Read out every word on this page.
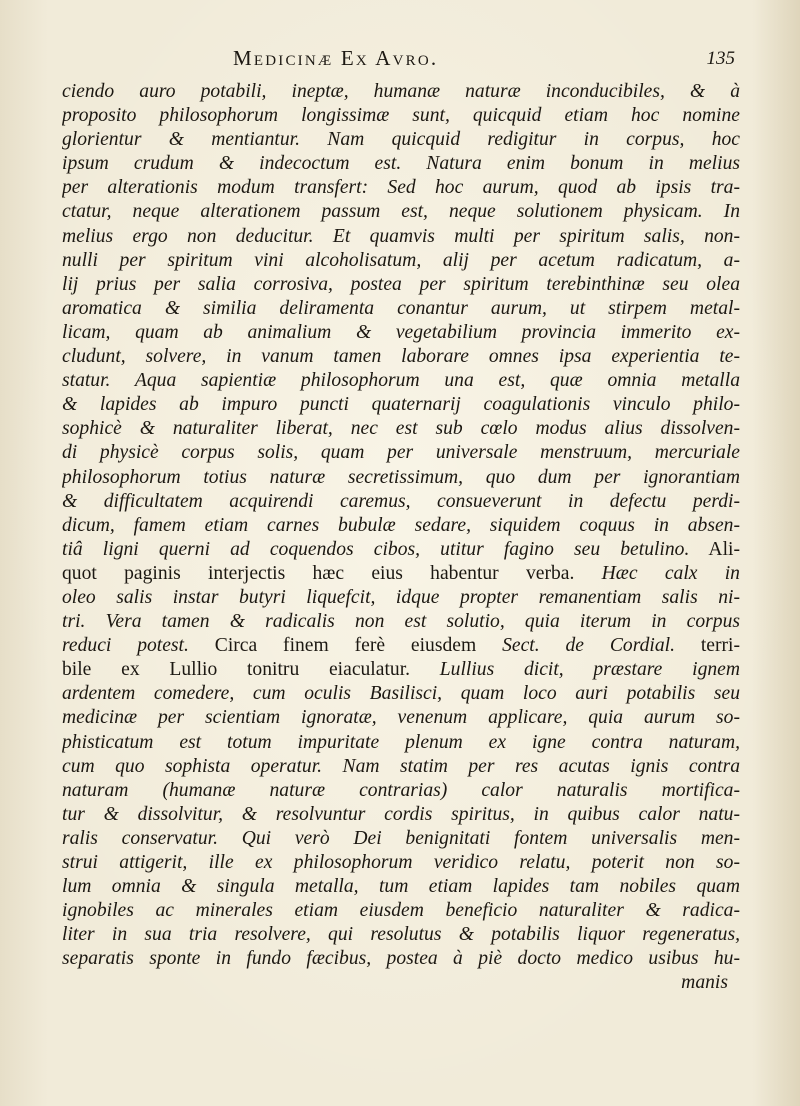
Medicinæ Ex Avro.	135
ciendo auro potabili, ineptæ, humanæ naturæ inconducibiles, & à
proposito philosophorum longissimæ sunt, quicquid etiam hoc nomine
glorientur & mentiantur. Nam quicquid redigitur in corpus, hoc
ipsum crudum & indecoctum est. Natura enim bonum in melius
per alterationis modum transfert: Sed hoc aurum, quod ab ipsis tra-
ctatur, neque alterationem passum est, neque solutionem physicam. In
melius ergo non deducitur. Et quamvis multi per spiritum salis, non-
nulli per spiritum vini alcoholisatum, alij per acetum radicatum, a-
lij prius per salia corrosiva, postea per spiritum terebinthinæ seu olea
aromatica & similia deliramenta conantur aurum, ut stirpem metal-
licam, quam ab animalium & vegetabilium provincia immerito ex-
cludunt, solvere, in vanum tamen laborare omnes ipsa experientia te-
statur. Aqua sapientiæ philosophorum una est, quæ omnia metalla
& lapides ab impuro puncti quaternarij coagulationis vinculo philo-
sophicè & naturaliter liberat, nec est sub cœlo modus alius dissolven-
di physicè corpus solis, quam per universale menstruum, mercuriale
philosophorum totius naturæ secretissimum, quo dum per ignorantiam
& difficultatem acquirendi caremus, consueverunt in defectu perdi-
dicum, famem etiam carnes bubulæ sedare, siquidem coquus in absen-
tiâ ligni querni ad coquendos cibos, utitur fagino seu betulino. Ali-
quot paginis interjectis hæc eius habentur verba. Hæc calx in
oleo salis instar butyri liquefcit, idque propter remanentiam salis ni-
tri. Vera tamen & radicalis non est solutio, quia iterum in corpus
reduci potest. Circa finem ferè eiusdem Sect. de Cordial. terri-
bile ex Lullio tonitru eiaculatur. Lullius dicit, præstare ignem
ardentem comedere, cum oculis Basilisci, quam loco auri potabilis seu
medicinæ per scientiam ignoratæ, venenum applicare, quia aurum so-
phisticatum est totum impuritate plenum ex igne contra naturam,
cum quo sophista operatur. Nam statim per res acutas ignis contra
naturam (humanæ naturæ contrarias) calor naturalis mortifica-
tur & dissolvitur, & resolvuntur cordis spiritus, in quibus calor natu-
ralis conservatur. Qui verò Dei benignitati fontem universalis men-
strui attigerit, ille ex philosophorum veridico relatu, poterit non so-
lum omnia & singula metalla, tum etiam lapides tam nobiles quam
ignobiles ac minerales etiam eiusdem beneficio naturaliter & radica-
liter in sua tria resolvere, qui resolutus & potabilis liquor regeneratus,
separatis sponte in fundo fæcibus, postea à piè docto medico usibus hu-
manis
